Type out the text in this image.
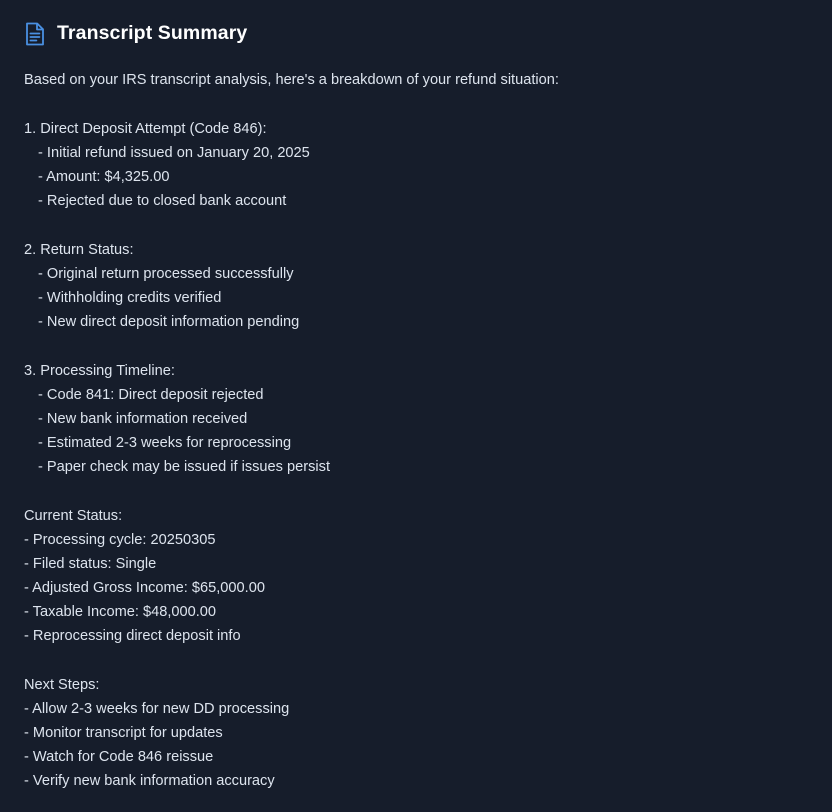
Transcript Summary
Based on your IRS transcript analysis, here's a breakdown of your refund situation:
1. Direct Deposit Attempt (Code 846):
- Initial refund issued on January 20, 2025
- Amount: $4,325.00
- Rejected due to closed bank account
2. Return Status:
- Original return processed successfully
- Withholding credits verified
- New direct deposit information pending
3. Processing Timeline:
- Code 841: Direct deposit rejected
- New bank information received
- Estimated 2-3 weeks for reprocessing
- Paper check may be issued if issues persist
Current Status:
- Processing cycle: 20250305
- Filed status: Single
- Adjusted Gross Income: $65,000.00
- Taxable Income: $48,000.00
- Reprocessing direct deposit info
Next Steps:
- Allow 2-3 weeks for new DD processing
- Monitor transcript for updates
- Watch for Code 846 reissue
- Verify new bank information accuracy
